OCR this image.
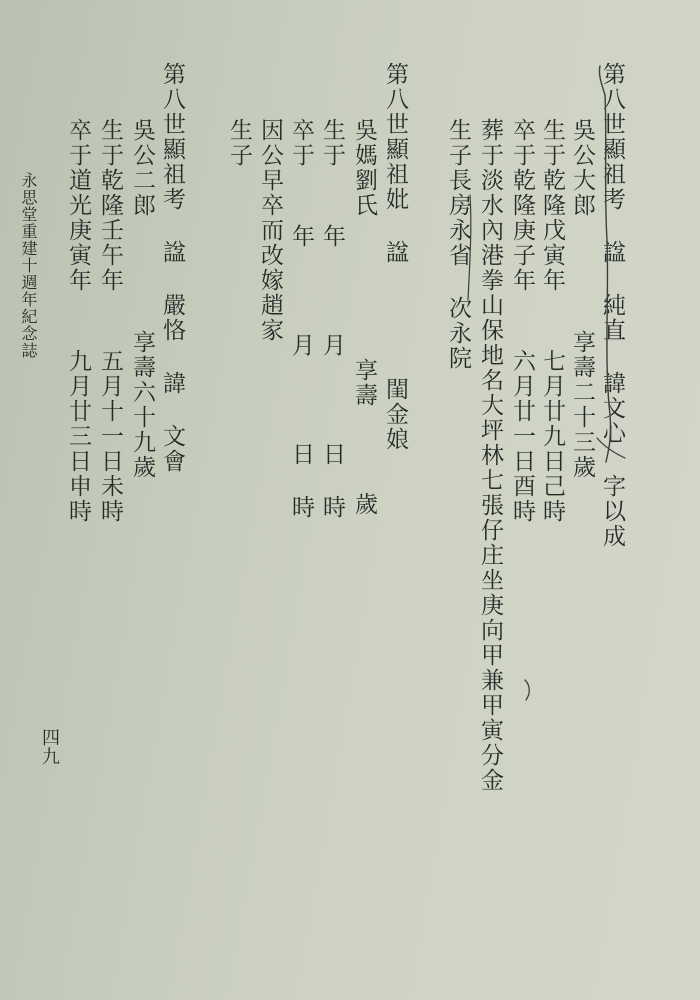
第八世顯祖考 諡 純直 諱文心 字以成
吳公大郎    享壽二十三歲
生于乾隆戊寅年  七月廿九日己時
卒于乾隆庚子年  六月廿一日酉時
葬于淡水內港拳山保地名大坪林七張仔庄坐庚向甲兼甲寅分金
生子長房永省 次永院
第八世顯祖妣 諡    閨金娘
吳媽劉氏     享壽   歲
生于  年   月   日 時
卒于  年   月   日 時
因公早卒而改嫁趙家
生子
第八世顯祖考 諡 嚴恪 諱 文會
吳公二郎    享壽六十九歲
生于乾隆壬午年  五月十一日未時
卒于道光庚寅年  九月廿三日申時
永思堂重建十週年紀念誌
四九
